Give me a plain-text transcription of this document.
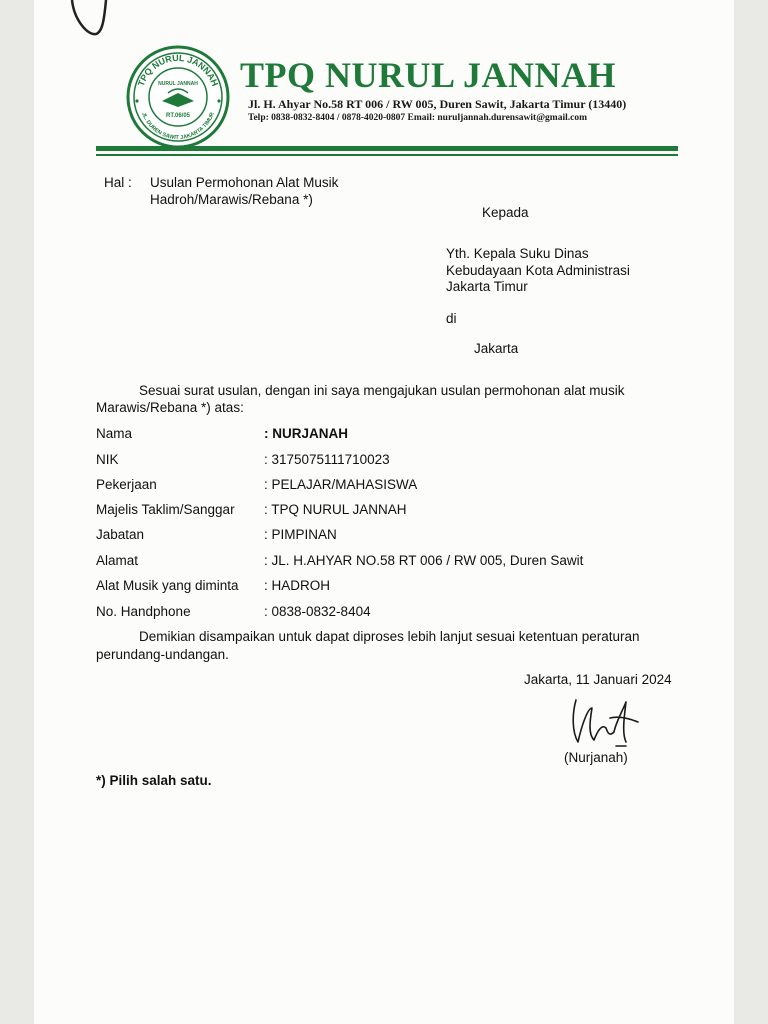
TPQ NURUL JANNAH
JL. DUREN SAWIT JAKARTA TIMUR
NURUL JANNAH
RT.06/05
TPQ NURUL JANNAH
Jl. H. Ahyar No.58 RT 006 / RW 005, Duren Sawit, Jakarta Timur (13440)
Telp: 0838-0832-8404 / 0878-4020-0807 Email: nuruljannah.durensawit@gmail.com
Hal : Usulan Permohonan Alat Musik
Hadroh/Marawis/Rebana *)
Kepada
Yth. Kepala Suku Dinas
Kebudayaan Kota Administrasi
Jakarta Timur
di
Jakarta
Sesuai surat usulan, dengan ini saya mengajukan usulan permohonan alat musik
Marawis/Rebana *) atas:
Nama	: NURJANAH
NIK	: 3175075111710023
Pekerjaan	: PELAJAR/MAHASISWA
Majelis Taklim/Sanggar : TPQ NURUL JANNAH
Jabatan	: PIMPINAN
Alamat	: JL. H.AHYAR NO.58 RT 006 / RW 005, Duren Sawit
Alat Musik yang diminta : HADROH
No. Handphone	: 0838-0832-8404
Demikian disampaikan untuk dapat diproses lebih lanjut sesuai ketentuan peraturan
perundang-undangan.
Jakarta, 11 Januari 2024
(Nurjanah)
*) Pilih salah satu.
